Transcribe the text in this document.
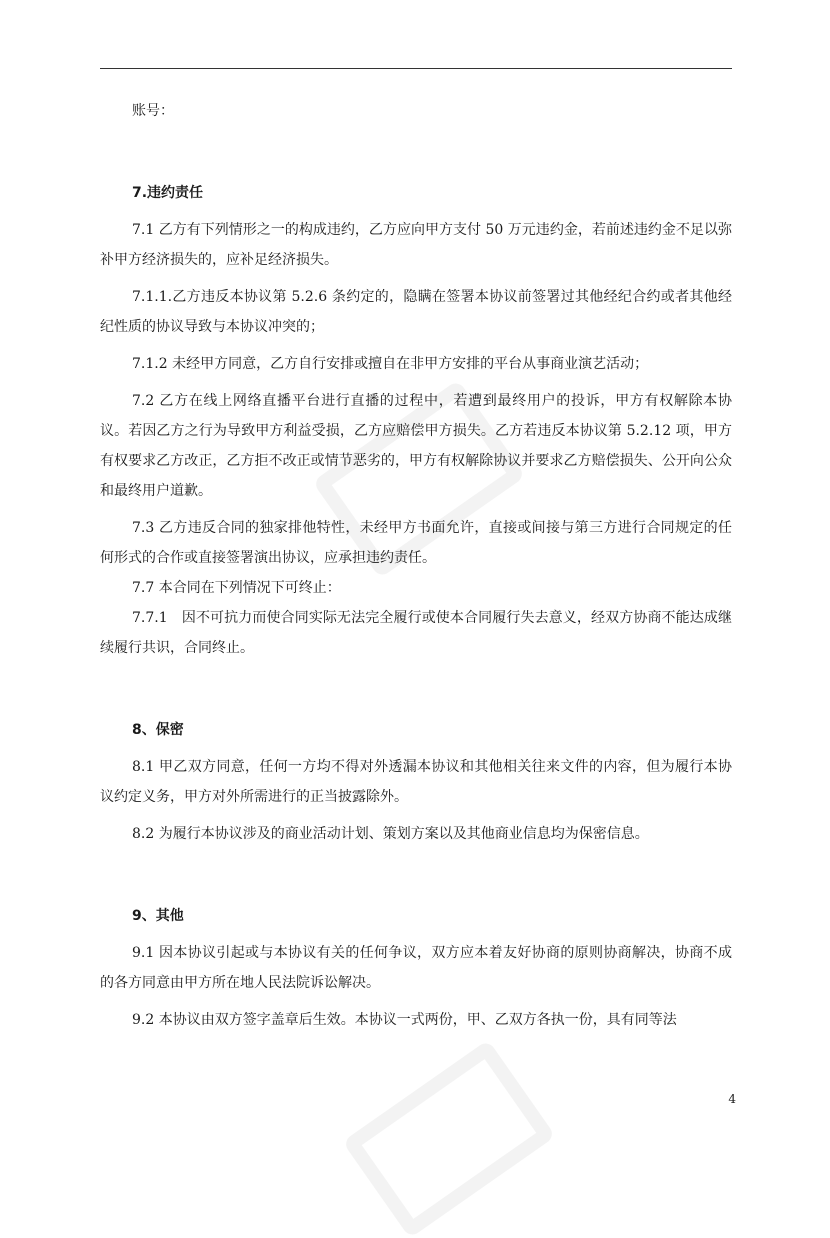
账号：

7.违约责任

7.1 乙方有下列情形之一的构成违约，乙方应向甲方支付 50 万元违约金，若前述违约金不足以弥补甲方经济损失的，应补足经济损失。

7.1.1.乙方违反本协议第 5.2.6 条约定的，隐瞒在签署本协议前签署过其他经纪合约或者其他经纪性质的协议导致与本协议冲突的；

7.1.2 未经甲方同意，乙方自行安排或擅自在非甲方安排的平台从事商业演艺活动；

7.2 乙方在线上网络直播平台进行直播的过程中，若遭到最终用户的投诉，甲方有权解除本协议。若因乙方之行为导致甲方利益受损，乙方应赔偿甲方损失。乙方若违反本协议第 5.2.12 项，甲方有权要求乙方改正，乙方拒不改正或情节恶劣的，甲方有权解除协议并要求乙方赔偿损失、公开向公众和最终用户道歉。

7.3 乙方违反合同的独家排他特性，未经甲方书面允许，直接或间接与第三方进行合同规定的任何形式的合作或直接签署演出协议，应承担违约责任。

7.7 本合同在下列情况下可终止：

7.7.1　因不可抗力而使合同实际无法完全履行或使本合同履行失去意义，经双方协商不能达成继续履行共识，合同终止。

8、保密

8.1 甲乙双方同意，任何一方均不得对外透漏本协议和其他相关往来文件的内容，但为履行本协议约定义务，甲方对外所需进行的正当披露除外。

8.2 为履行本协议涉及的商业活动计划、策划方案以及其他商业信息均为保密信息。

9、其他

9.1 因本协议引起或与本协议有关的任何争议，双方应本着友好协商的原则协商解决，协商不成的各方同意由甲方所在地人民法院诉讼解决。

9.2 本协议由双方签字盖章后生效。本协议一式两份，甲、乙双方各执一份，具有同等法

4
